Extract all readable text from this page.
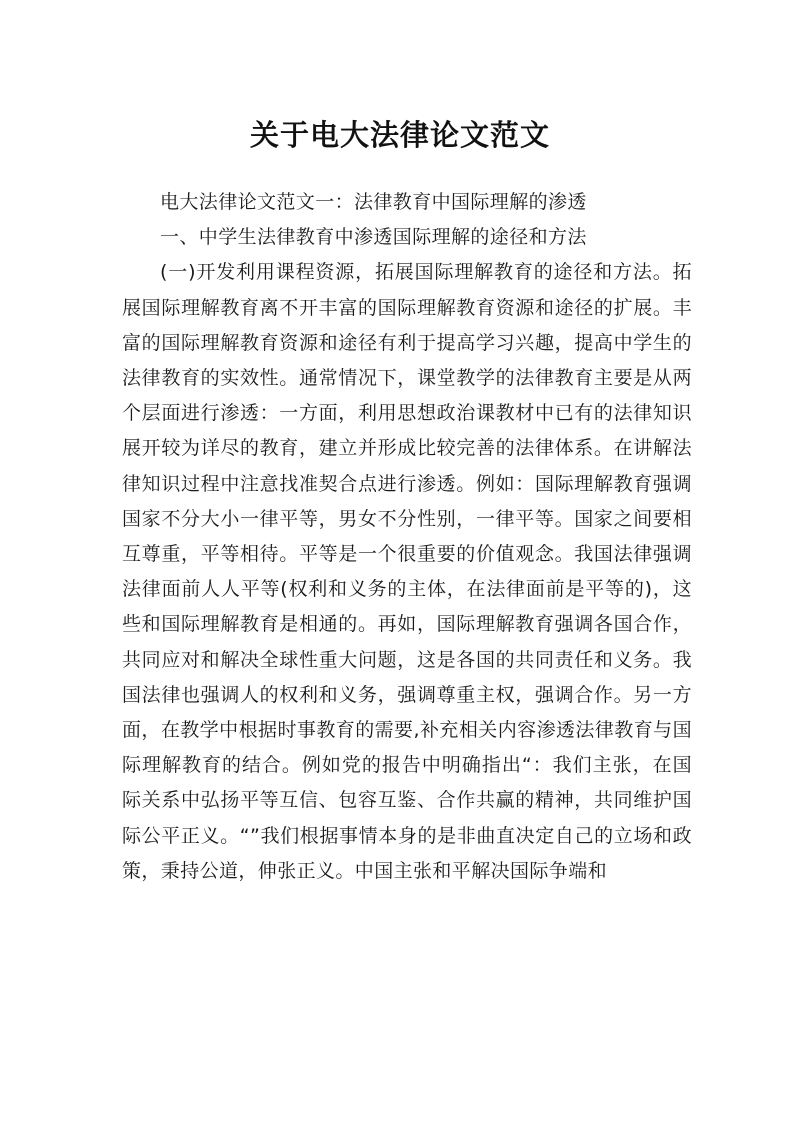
关于电大法律论文范文

电大法律论文范文一：法律教育中国际理解的渗透

一、中学生法律教育中渗透国际理解的途径和方法

(一)开发利用课程资源，拓展国际理解教育的途径和方法。拓展国际理解教育离不开丰富的国际理解教育资源和途径的扩展。丰富的国际理解教育资源和途径有利于提高学习兴趣，提高中学生的法律教育的实效性。通常情况下，课堂教学的法律教育主要是从两个层面进行渗透：一方面，利用思想政治课教材中已有的法律知识展开较为详尽的教育，建立并形成比较完善的法律体系。在讲解法律知识过程中注意找准契合点进行渗透。例如：国际理解教育强调国家不分大小一律平等，男女不分性别，一律平等。国家之间要相互尊重，平等相待。平等是一个很重要的价值观念。我国法律强调法律面前人人平等(权利和义务的主体，在法律面前是平等的)，这些和国际理解教育是相通的。再如，国际理解教育强调各国合作，共同应对和解决全球性重大问题，这是各国的共同责任和义务。我国法律也强调人的权利和义务，强调尊重主权，强调合作。另一方面，在教学中根据时事教育的需要,补充相关内容渗透法律教育与国际理解教育的结合。例如党的报告中明确指出“：我们主张，在国际关系中弘扬平等互信、包容互鉴、合作共赢的精神，共同维护国际公平正义。“”我们根据事情本身的是非曲直决定自己的立场和政策，秉持公道，伸张正义。中国主张和平解决国际争端和
